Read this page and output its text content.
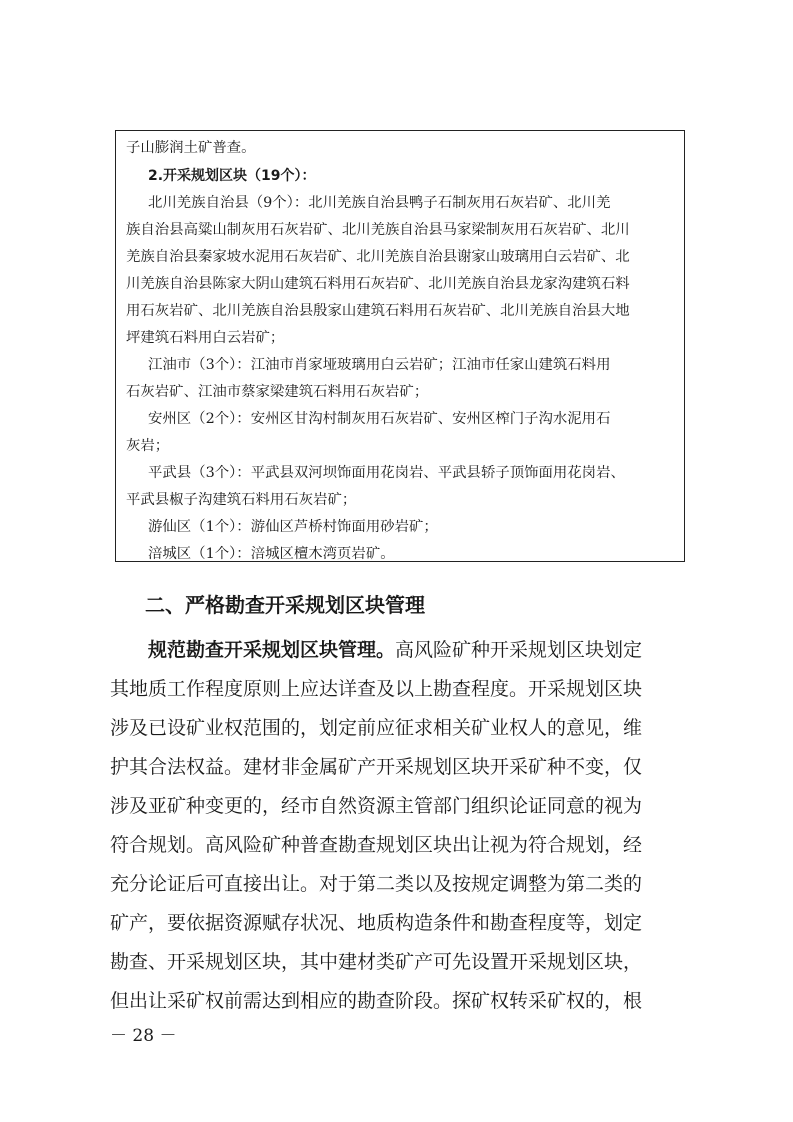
子山膨润土矿普查。
2.开采规划区块（19个）：
北川羌族自治县（9个）：北川羌族自治县鸭子石制灰用石灰岩矿、北川羌
族自治县高粱山制灰用石灰岩矿、北川羌族自治县马家梁制灰用石灰岩矿、北川
羌族自治县秦家坡水泥用石灰岩矿、北川羌族自治县谢家山玻璃用白云岩矿、北
川羌族自治县陈家大阴山建筑石料用石灰岩矿、北川羌族自治县龙家沟建筑石料
用石灰岩矿、北川羌族自治县殷家山建筑石料用石灰岩矿、北川羌族自治县大地
坪建筑石料用白云岩矿；
江油市（3个）：江油市肖家垭玻璃用白云岩矿；江油市任家山建筑石料用
石灰岩矿、江油市蔡家梁建筑石料用石灰岩矿；
安州区（2个）：安州区甘沟村制灰用石灰岩矿、安州区榨门子沟水泥用石
灰岩；
平武县（3个）：平武县双河坝饰面用花岗岩、平武县轿子顶饰面用花岗岩、
平武县椒子沟建筑石料用石灰岩矿；
游仙区（1个）：游仙区芦桥村饰面用砂岩矿；
涪城区（1个）：涪城区檀木湾页岩矿。
二、严格勘查开采规划区块管理
规范勘查开采规划区块管理。高风险矿种开采规划区块划定
其地质工作程度原则上应达详查及以上勘查程度。开采规划区块
涉及已设矿业权范围的，划定前应征求相关矿业权人的意见，维
护其合法权益。建材非金属矿产开采规划区块开采矿种不变，仅
涉及亚矿种变更的，经市自然资源主管部门组织论证同意的视为
符合规划。高风险矿种普查勘查规划区块出让视为符合规划，经
充分论证后可直接出让。对于第二类以及按规定调整为第二类的
矿产，要依据资源赋存状况、地质构造条件和勘查程度等，划定
勘查、开采规划区块，其中建材类矿产可先设置开采规划区块，
但出让采矿权前需达到相应的勘查阶段。探矿权转采矿权的，根
－ 28 －
